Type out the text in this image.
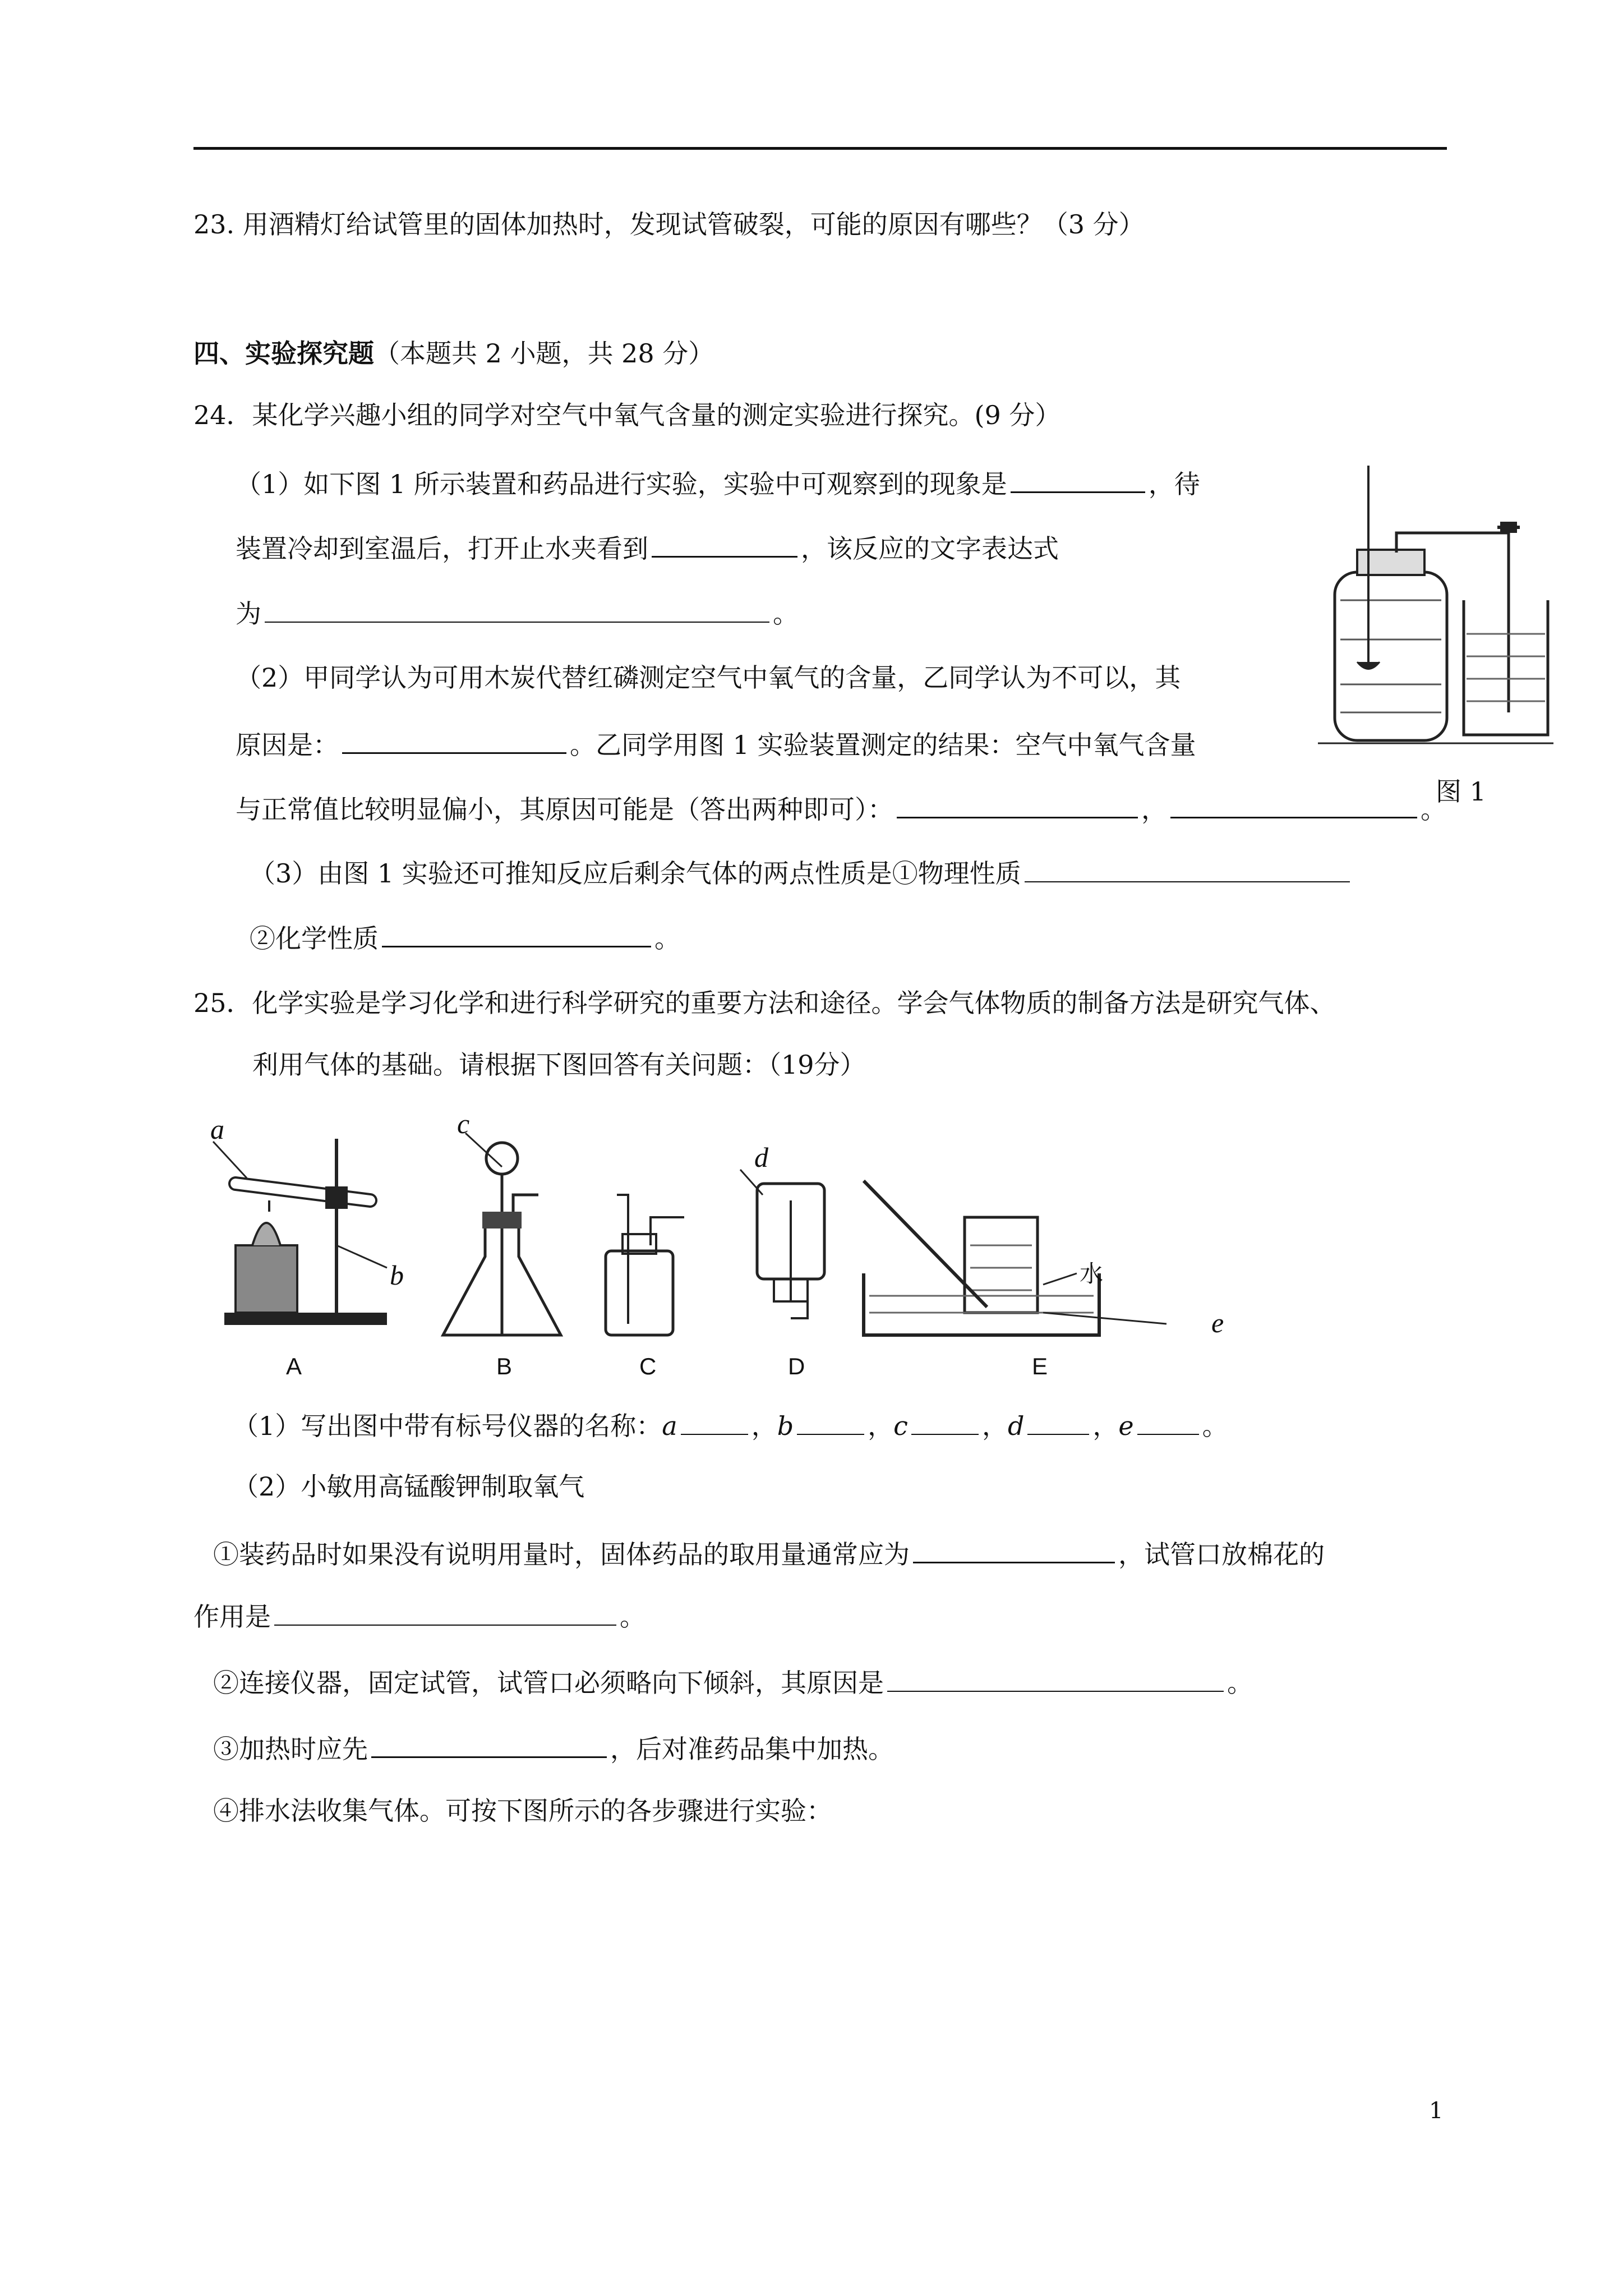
23. 用酒精灯给试管里的固体加热时，发现试管破裂，可能的原因有哪些？（3 分）
四、实验探究题（本题共 2 小题，共 28 分）
24．某化学兴趣小组的同学对空气中氧气含量的测定实验进行探究。(9 分）
（1）如下图 1 所示装置和药品进行实验，实验中可观察到的现象是	，待
装置冷却到室温后，打开止水夹看到	，该反应的文字表达式
为	。
（2）甲同学认为可用木炭代替红磷测定空气中氧气的含量，乙同学认为不可以，其
原因是：	。乙同学用图 1 实验装置测定的结果：空气中氧气含量
与正常值比较明显偏小，其原因可能是（答出两种即可）：	，	。
（3）由图 1 实验还可推知反应后剩余气体的两点性质是①物理性质
②化学性质	。
图 1
25．化学实验是学习化学和进行科学研究的重要方法和途径。学会气体物质的制备方法是研究气体、
利用气体的基础。请根据下图回答有关问题：（19分）
a
b
c
d
e
水
A	B	C	D	E
（1）写出图中带有标号仪器的名称：a	，b	，c	，d	，e	。
（2）小敏用高锰酸钾制取氧气
①装药品时如果没有说明用量时，固体药品的取用量通常应为	，试管口放棉花的
作用是	。
②连接仪器，固定试管，试管口必须略向下倾斜，其原因是	。
③加热时应先	，后对准药品集中加热。
④排水法收集气体。可按下图所示的各步骤进行实验：
1
